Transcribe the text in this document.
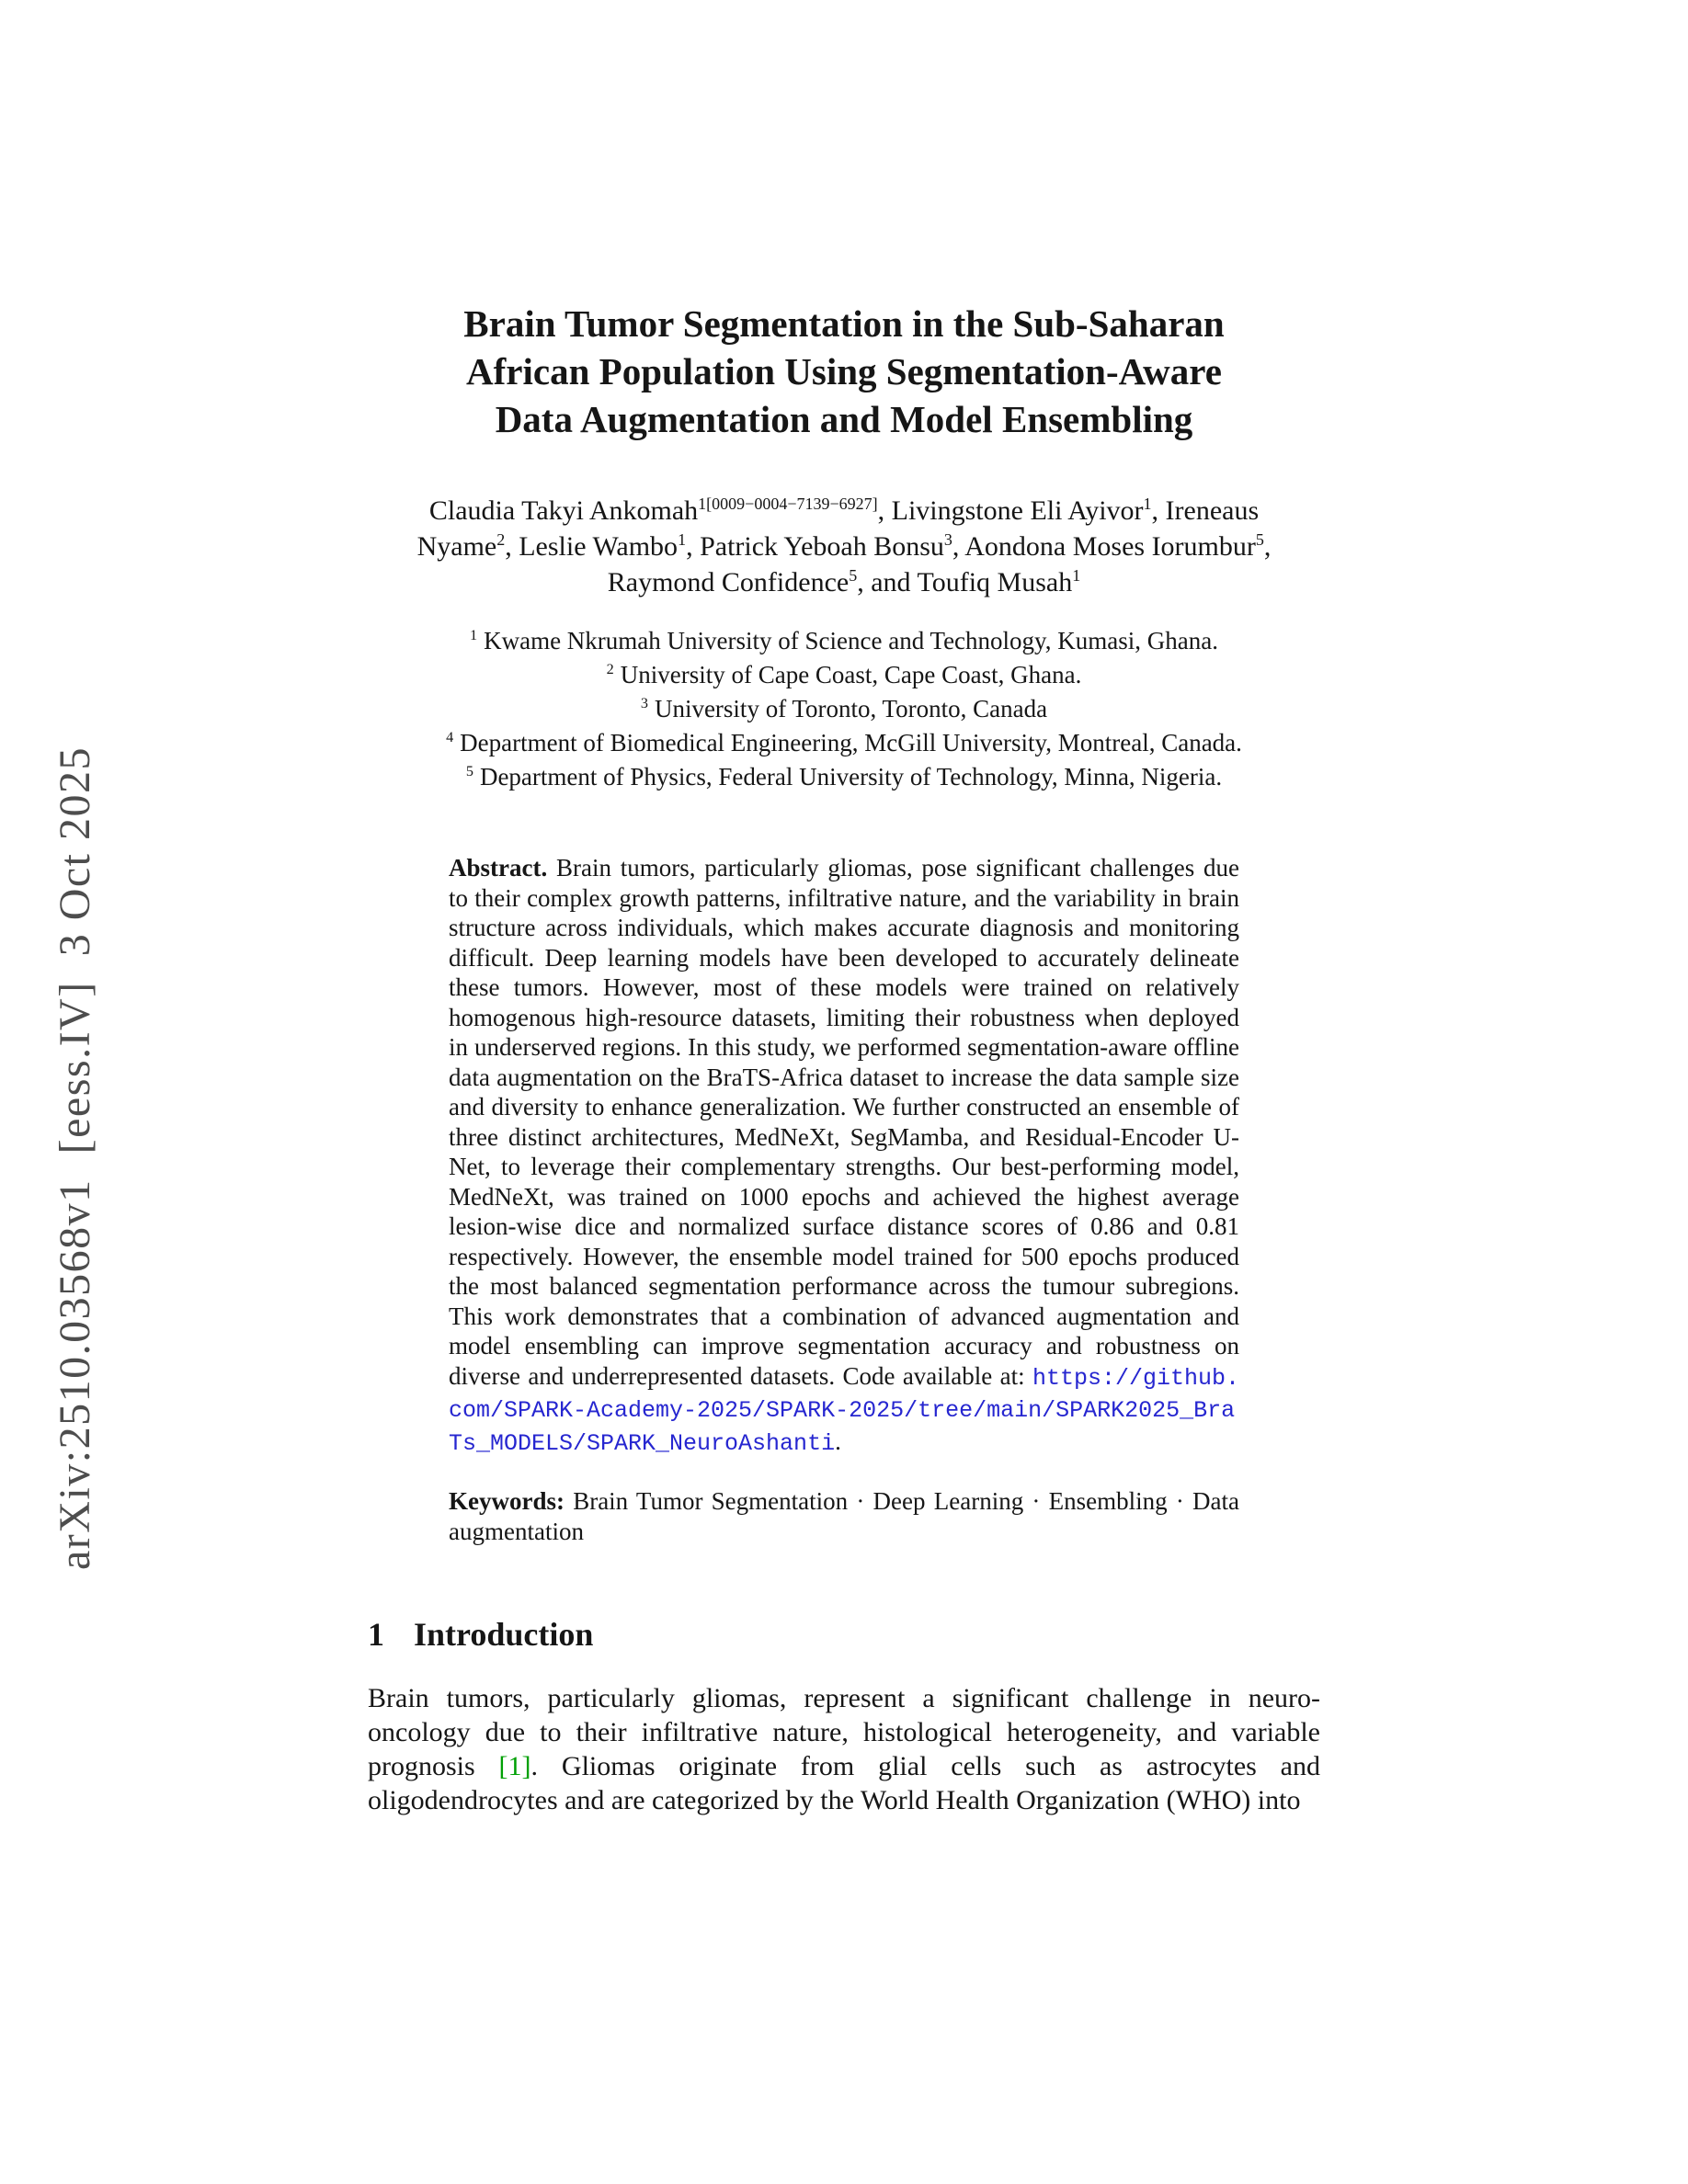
arXiv:2510.03568v1  [eess.IV]  3 Oct 2025
Brain Tumor Segmentation in the Sub-Saharan
African Population Using Segmentation-Aware
Data Augmentation and Model Ensembling
Claudia Takyi Ankomah$^{1[0009-0004-7139-6927]}$, Livingstone Eli Ayivor$^1$, Ireneaus Nyame$^2$, Leslie Wambo$^1$, Patrick Yeboah Bonsu$^3$, Aondona Moses Iorumbur$^5$, Raymond Confidence$^5$, and Toufiq Musah$^1$
$^1$ Kwame Nkrumah University of Science and Technology, Kumasi, Ghana.
$^2$ University of Cape Coast, Cape Coast, Ghana.
$^3$ University of Toronto, Toronto, Canada
$^4$ Department of Biomedical Engineering, McGill University, Montreal, Canada.
$^5$ Department of Physics, Federal University of Technology, Minna, Nigeria.

Abstract. Brain tumors, particularly gliomas, pose significant challenges due to their complex growth patterns, infiltrative nature, and the variability in brain structure across individuals, which makes accurate diagnosis and monitoring difficult. Deep learning models have been developed to accurately delineate these tumors. However, most of these models were trained on relatively homogenous high-resource datasets, limiting their robustness when deployed in underserved regions. In this study, we performed segmentation-aware offline data augmentation on the BraTS-Africa dataset to increase the data sample size and diversity to enhance generalization. We further constructed an ensemble of three distinct architectures, MedNeXt, SegMamba, and Residual-Encoder U-Net, to leverage their complementary strengths. Our best-performing model, MedNeXt, was trained on 1000 epochs and achieved the highest average lesion-wise dice and normalized surface distance scores of 0.86 and 0.81 respectively. However, the ensemble model trained for 500 epochs produced the most balanced segmentation performance across the tumour subregions. This work demonstrates that a combination of advanced augmentation and model ensembling can improve segmentation accuracy and robustness on diverse and underrepresented datasets. Code available at: https://github.com/SPARK-Academy-2025/SPARK-2025/tree/main/SPARK2025_BraTs_MODELS/SPARK_NeuroAshanti.

Keywords: Brain Tumor Segmentation · Deep Learning · Ensembling · Data augmentation

1 Introduction

Brain tumors, particularly gliomas, represent a significant challenge in neuro-oncology due to their infiltrative nature, histological heterogeneity, and variable prognosis [1]. Gliomas originate from glial cells such as astrocytes and oligodendrocytes and are categorized by the World Health Organization (WHO) into
